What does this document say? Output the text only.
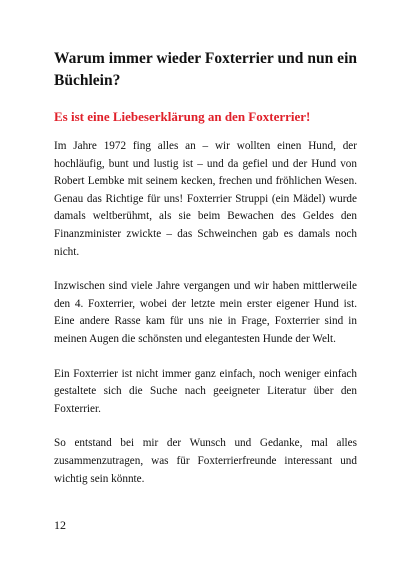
Warum immer wieder Foxterrier und nun ein
Büchlein?

Es ist eine Liebeserklärung an den Foxterrier!

Im Jahre 1972 fing alles an – wir wollten einen Hund, der hochläufig, bunt und lustig ist – und da gefiel und der Hund von Robert Lembke mit seinem kecken, frechen und fröhlichen Wesen. Genau das Richtige für uns! Foxterrier Struppi (ein Mädel) wurde damals weltberühmt, als sie beim Bewachen des Geldes den Finanzminister zwickte – das Schweinchen gab es damals noch nicht.

Inzwischen sind viele Jahre vergangen und wir haben mittlerweile den 4. Foxterrier, wobei der letzte mein erster eigener Hund ist. Eine andere Rasse kam für uns nie in Frage, Foxterrier sind in meinen Augen die schönsten und elegantesten Hunde der Welt.

Ein Foxterrier ist nicht immer ganz einfach, noch weniger einfach gestaltete sich die Suche nach geeigneter Literatur über den Foxterrier.

So entstand bei mir der Wunsch und Gedanke, mal alles zusammenzutragen, was für Foxterrierfreunde interessant und wichtig sein könnte.

12
